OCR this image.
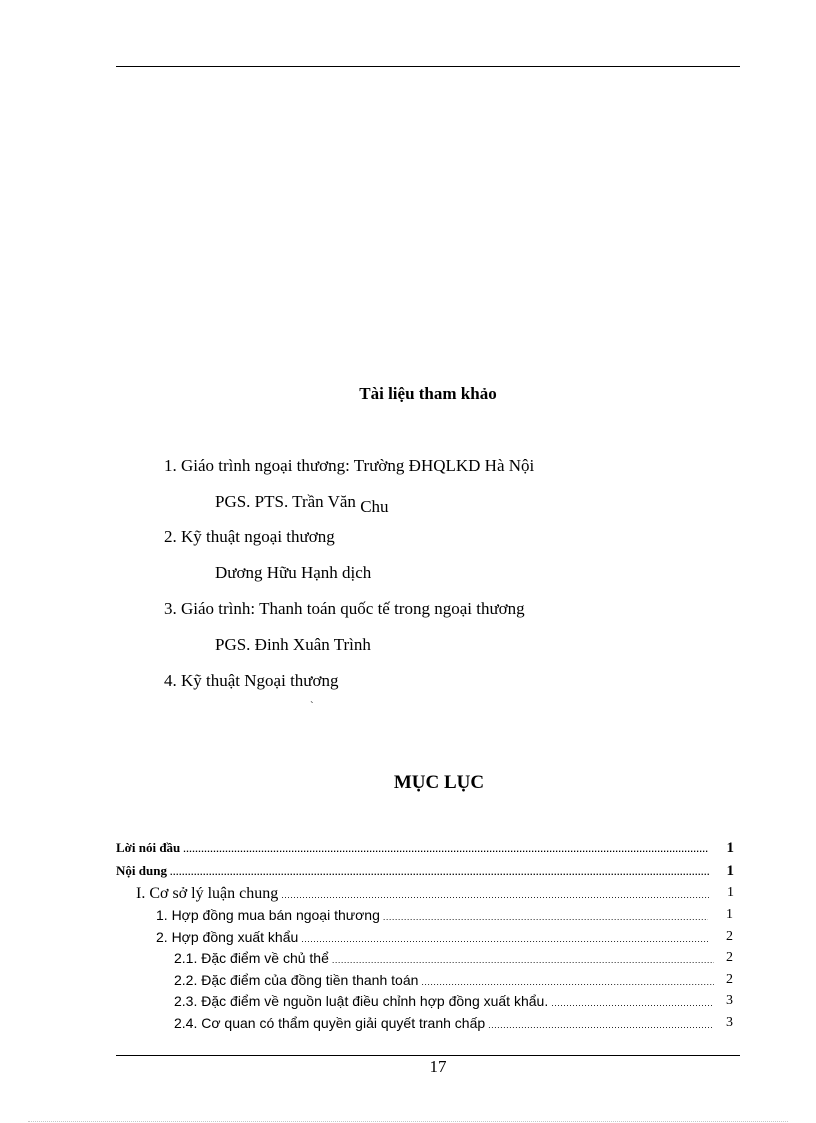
Tài liệu tham khảo
1. Giáo trình ngoại thương: Trường ĐHQLKD Hà Nội
PGS. PTS. Trần Văn Chu
2. Kỹ thuật ngoại thương
Dương Hữu Hạnh dịch
3. Giáo trình: Thanh toán quốc tế trong ngoại thương
PGS. Đinh Xuân Trình
4. Kỹ thuật Ngoại thương
ˋ
MỤC LỤC
Lời nói đầu .....	1
Nội dung .....	1
I. Cơ sở lý luận chung .....	1
1. Hợp đồng mua bán ngoại thương .....	1
2. Hợp đồng xuất khẩu .....	2
2.1. Đặc điểm về chủ thể .....	2
2.2. Đặc điểm của đồng tiền thanh toán .....	2
2.3. Đặc điểm về nguồn luật điều chỉnh hợp đồng xuất khẩu. .....	3
2.4. Cơ quan có thẩm quyền giải quyết tranh chấp .....	3
17
